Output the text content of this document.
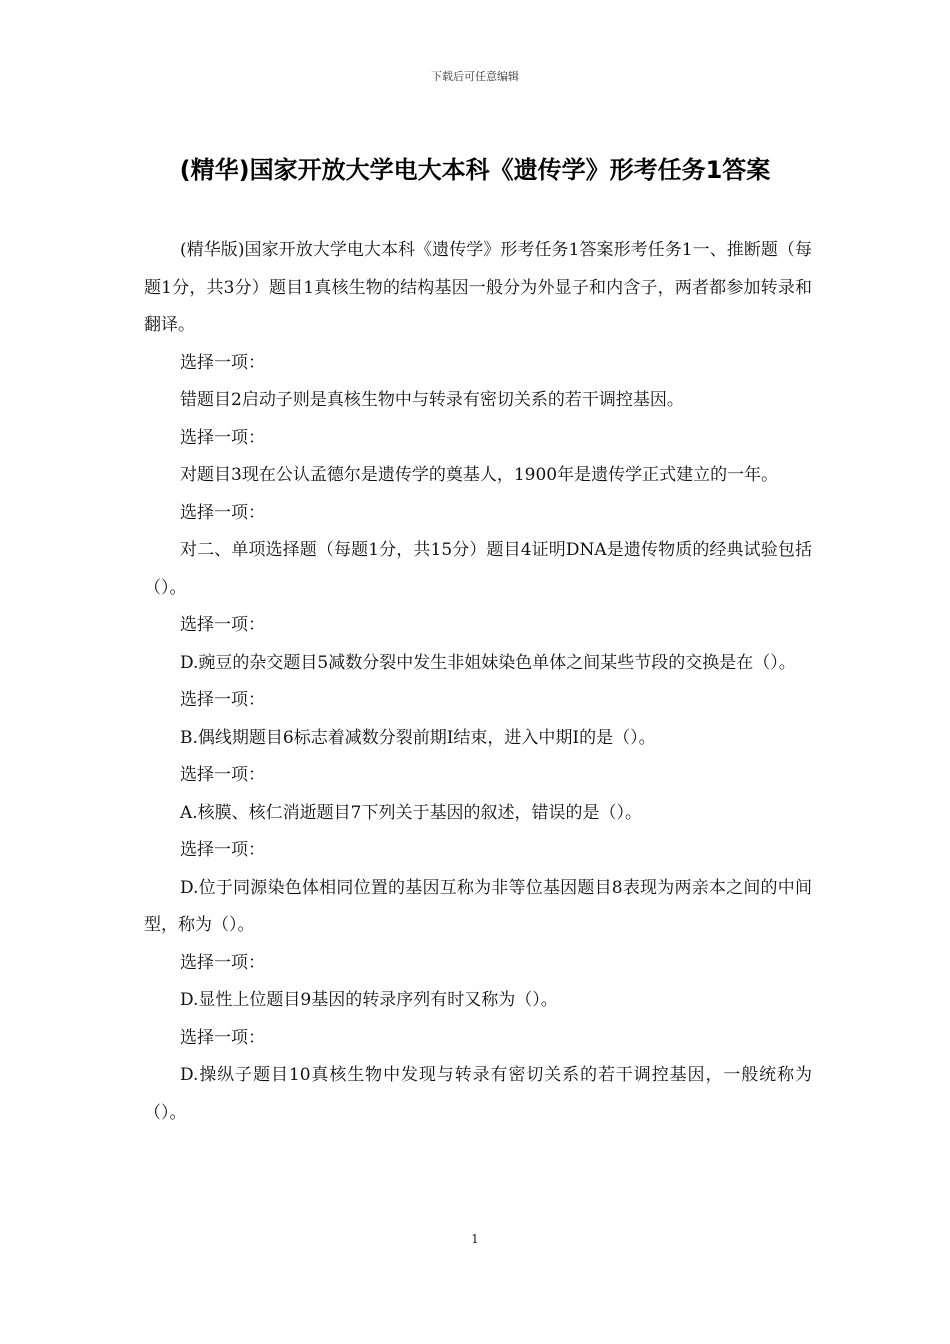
下载后可任意编辑
(精华)国家开放大学电大本科《遗传学》形考任务1答案

(精华版)国家开放大学电大本科《遗传学》形考任务1答案形考任务1一、推断题（每题1分，共3分）题目1真核生物的结构基因一般分为外显子和内含子，两者都参加转录和翻译。

选择一项：

错题目2启动子则是真核生物中与转录有密切关系的若干调控基因。

选择一项：

对题目3现在公认孟德尔是遗传学的奠基人，1900年是遗传学正式建立的一年。

选择一项：

对二、单项选择题（每题1分，共15分）题目4证明DNA是遗传物质的经典试验包括（）。

选择一项：

D.豌豆的杂交题目5减数分裂中发生非姐妹染色单体之间某些节段的交换是在（）。

选择一项：

B.偶线期题目6标志着减数分裂前期Ⅰ结束，进入中期Ⅰ的是（）。

选择一项：

A.核膜、核仁消逝题目7下列关于基因的叙述，错误的是（）。

选择一项：

D.位于同源染色体相同位置的基因互称为非等位基因题目8表现为两亲本之间的中间型，称为（）。

选择一项：

D.显性上位题目9基因的转录序列有时又称为（）。

选择一项：

D.操纵子题目10真核生物中发现与转录有密切关系的若干调控基因，一般统称为（）。

1
